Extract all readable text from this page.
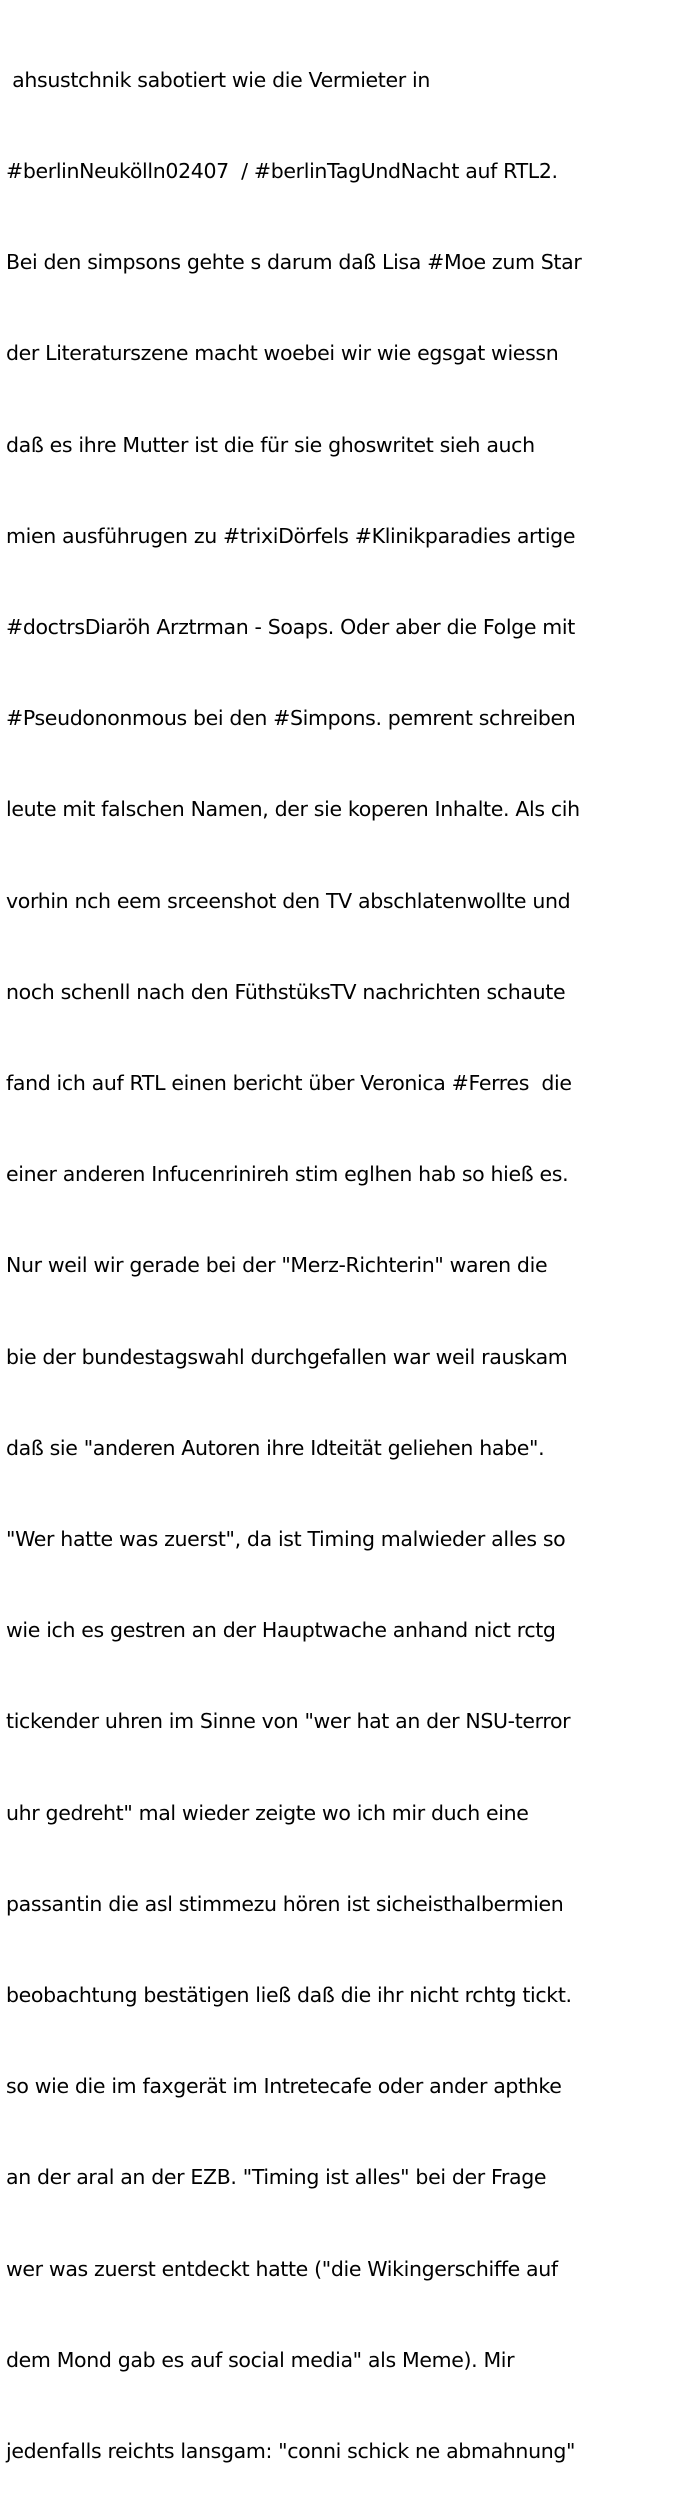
ahsustchnik sabotiert wie die Vermieter in

#berlinNeukölln02407  / #berlinTagUndNacht auf RTL2.

Bei den simpsons gehte s darum daß Lisa #Moe zum Star

der Literaturszene macht woebei wir wie egsgat wiessn

daß es ihre Mutter ist die für sie ghoswritet sieh auch

mien ausführugen zu #trixiDörfels #Klinikparadies artige

#doctrsDiaröh Arztrman - Soaps. Oder aber die Folge mit

#Pseudononmous bei den #Simpons. pemrent schreiben

leute mit falschen Namen, der sie koperen Inhalte. Als cih

vorhin nch eem srceenshot den TV abschlatenwollte und

noch schenll nach den FüthstüksTV nachrichten schaute

fand ich auf RTL einen bericht über Veronica #Ferres  die

einer anderen Infucenrinireh stim eglhen hab so hieß es.

Nur weil wir gerade bei der "Merz-Richterin" waren die

bie der bundestagswahl durchgefallen war weil rauskam

daß sie "anderen Autoren ihre Idteität geliehen habe".

"Wer hatte was zuerst", da ist Timing malwieder alles so

wie ich es gestren an der Hauptwache anhand nict rctg

tickender uhren im Sinne von "wer hat an der NSU-terror

uhr gedreht" mal wieder zeigte wo ich mir duch eine

passantin die asl stimmezu hören ist sicheisthalbermien

beobachtung bestätigen ließ daß die ihr nicht rchtg tickt.

so wie die im faxgerät im Intretecafe oder ander apthke

an der aral an der EZB. "Timing ist alles" bei der Frage

wer was zuerst entdeckt hatte ("die Wikingerschiffe auf

dem Mond gab es auf social media" als Meme). Mir

jedenfalls reichts lansgam: "conni schick ne abmahnung"
